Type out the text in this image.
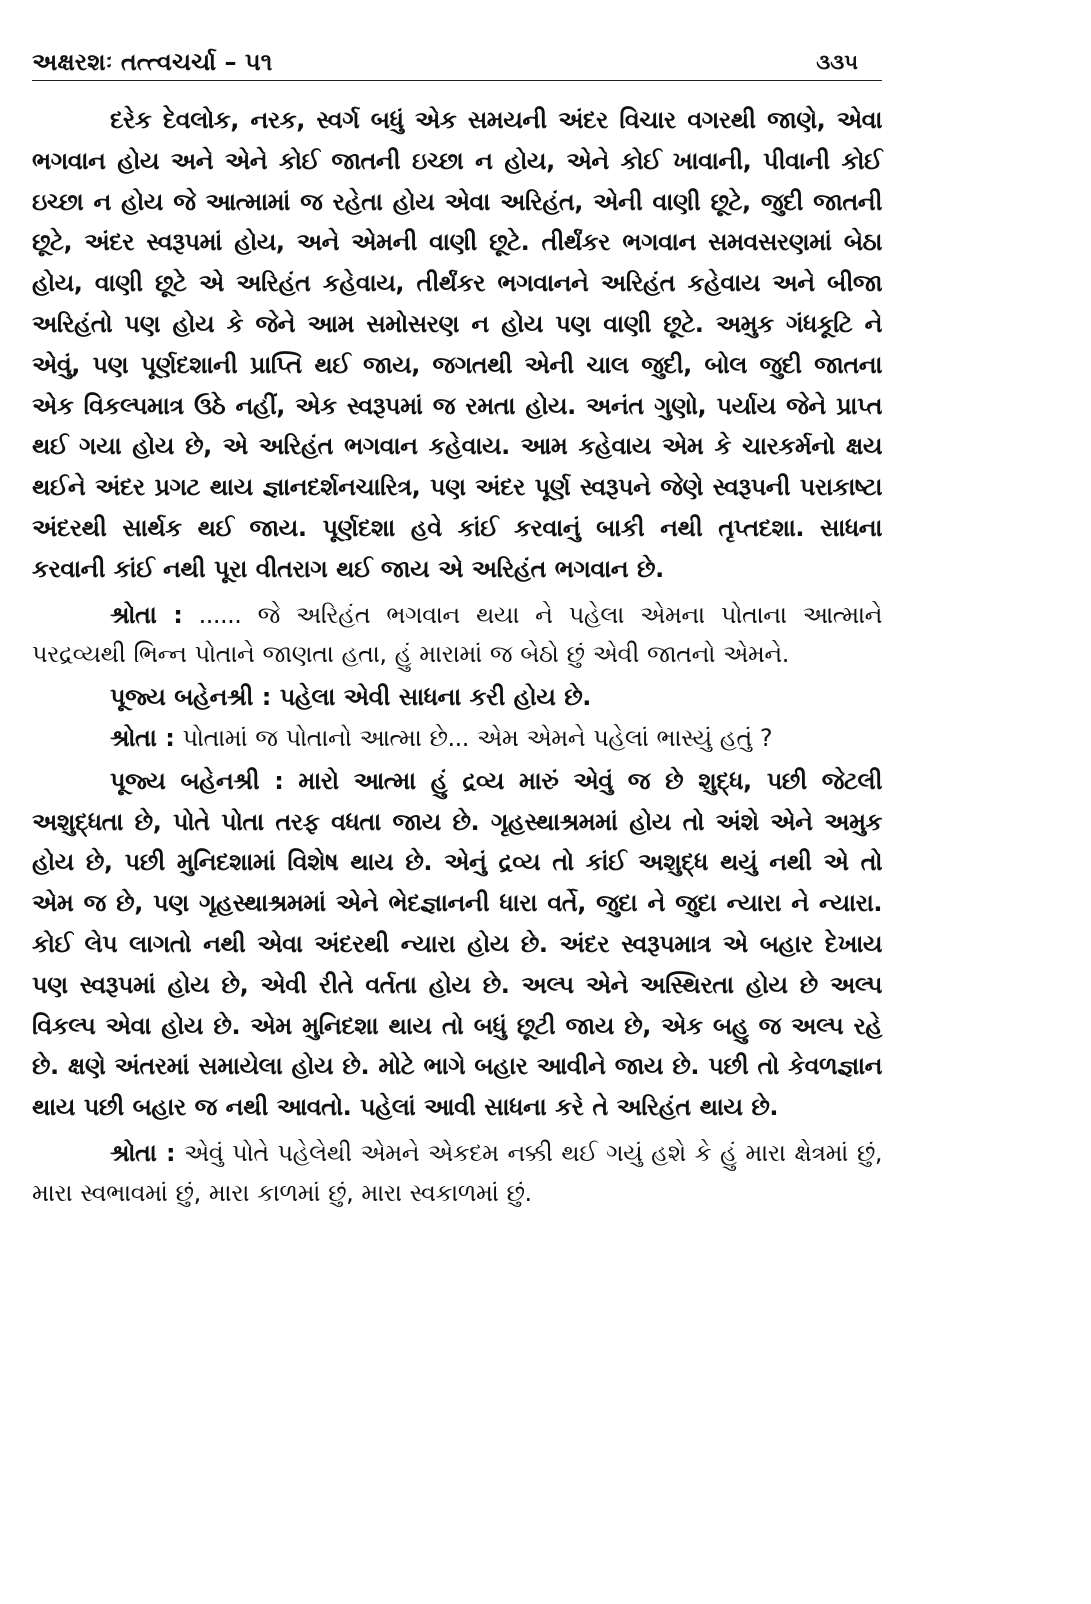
અક્ષરશઃ તત્ત્વચર્ચા – ૫૧	૩૩૫

દરેક દેવલોક, નરક, સ્વર્ગ બધું એક સમયની અંદર વિચાર વગરથી જાણે, એવા ભગવાન હોય અને એને કોઈ જાતની ઇચ્છા ન હોય, એને કોઈ ખાવાની, પીવાની કોઈ ઇચ્છા ન હોય જે આત્મામાં જ રહેતા હોય એવા અરિહંત, એની વાણી છૂટે, જુદી જાતની છૂટે, અંદર સ્વરૂપમાં હોય, અને એમની વાણી છૂટે. તીર્થંકર ભગવાન સમવસરણમાં બેઠા હોય, વાણી છૂટે એ અરિહંત કહેવાય, તીર્થંકર ભગવાનને અરિહંત કહેવાય અને બીજા અરિહંતો પણ હોય કે જેને આમ સમોસરણ ન હોય પણ વાણી છૂટે. અમુક ગંધકૂટિ ને એવું, પણ પૂર્ણદશાની પ્રાપ્તિ થઈ જાય, જગતથી એની ચાલ જુદી, બોલ જુદી જાતના એક વિકલ્પમાત્ર ઉઠે નહીં, એક સ્વરૂપમાં જ રમતા હોય. અનંત ગુણો, પર્યાય જેને પ્રાપ્ત થઈ ગયા હોય છે, એ અરિહંત ભગવાન કહેવાય. આમ કહેવાય એમ કે ચારકર્મનો ક્ષય થઈને અંદર પ્રગટ થાય જ્ઞાનદર્શનચારિત્ર, પણ અંદર પૂર્ણ સ્વરૂપને જેણે સ્વરૂપની પરાકાષ્ટા અંદરથી સાર્થક થઈ જાય. પૂર્ણદશા હવે કાંઈ કરવાનું બાકી નથી તૃપ્તદશા. સાધના કરવાની કાંઈ નથી પૂરા વીતરાગ થઈ જાય એ અરિહંત ભગવાન છે.

શ્રોતા : ...... જે અરિહંત ભગવાન થયા ને પહેલા એમના પોતાના આત્માને પરદ્રવ્યથી ભિન્ન પોતાને જાણતા હતા, હું મારામાં જ બેઠો છું એવી જાતનો એમને.

પૂજ્ય બહેનશ્રી : પહેલા એવી સાધના કરી હોય છે.

શ્રોતા : પોતામાં જ પોતાનો આત્મા છે... એમ એમને પહેલાં ભાસ્યું હતું ?

પૂજ્ય બહેનશ્રી : મારો આત્મા હું દ્રવ્ય મારું એવું જ છે શુદ્ધ, પછી જેટલી અશુદ્ધતા છે, પોતે પોતા તરફ વધતા જાય છે. ગૃહસ્થાશ્રમમાં હોય તો અંશે એને અમુક હોય છે, પછી મુનિદશામાં વિશેષ થાય છે. એનું દ્રવ્ય તો કાંઈ અશુદ્ધ થયું નથી એ તો એમ જ છે, પણ ગૃહસ્થાશ્રમમાં એને ભેદજ્ઞાનની ધારા વર્તે, જુદા ને જુદા ન્યારા ને ન્યારા. કોઈ લેપ લાગતો નથી એવા અંદરથી ન્યારા હોય છે. અંદર સ્વરૂપમાત્ર એ બહાર દેખાય પણ સ્વરૂપમાં હોય છે, એવી રીતે વર્તતા હોય છે. અલ્પ એને અસ્થિરતા હોય છે અલ્પ વિકલ્પ એવા હોય છે. એમ મુનિદશા થાય તો બધું છૂટી જાય છે, એક બહુ જ અલ્પ રહે છે. ક્ષણે અંતરમાં સમાયેલા હોય છે. મોટે ભાગે બહાર આવીને જાય છે. પછી તો કેવળજ્ઞાન થાય પછી બહાર જ નથી આવતો. પહેલાં આવી સાધના કરે તે અરિહંત થાય છે.

શ્રોતા : એવું પોતે પહેલેથી એમને એકદમ નક્કી થઈ ગયું હશે કે હું મારા ક્ષેત્રમાં છું, મારા સ્વભાવમાં છું, મારા કાળમાં છું, મારા સ્વકાળમાં છું.
